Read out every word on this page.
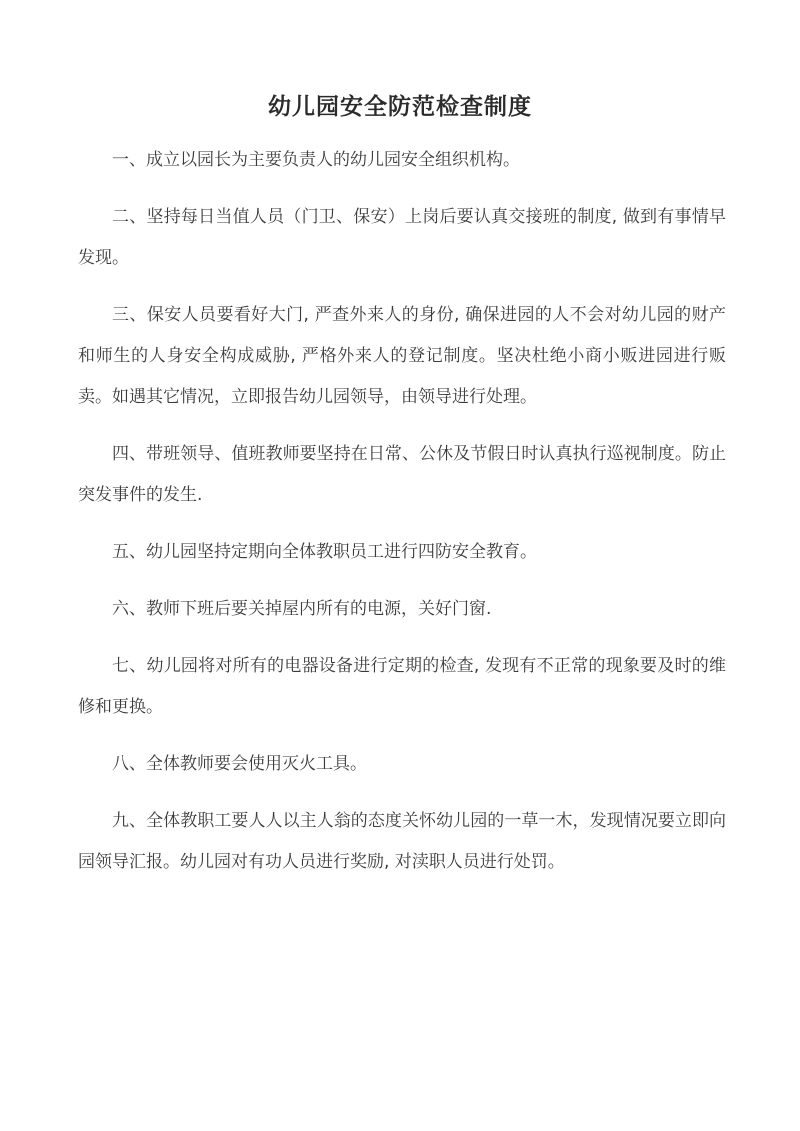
幼儿园安全防范检查制度

一、成立以园长为主要负责人的幼儿园安全组织机构。

二、坚持每日当值人员（门卫、保安）上岗后要认真交接班的制度, 做到有事情早发现。

三、保安人员要看好大门, 严查外来人的身份, 确保进园的人不会对幼儿园的财产和师生的人身安全构成威胁, 严格外来人的登记制度。坚决杜绝小商小贩进园进行贩卖。如遇其它情况，立即报告幼儿园领导，由领导进行处理。

四、带班领导、值班教师要坚持在日常、公休及节假日时认真执行巡视制度。防止突发事件的发生.

五、幼儿园坚持定期向全体教职员工进行四防安全教育。

六、教师下班后要关掉屋内所有的电源，关好门窗.

七、幼儿园将对所有的电器设备进行定期的检查, 发现有不正常的现象要及时的维修和更换。

八、全体教师要会使用灭火工具。

九、全体教职工要人人以主人翁的态度关怀幼儿园的一草一木，发现情况要立即向园领导汇报。幼儿园对有功人员进行奖励, 对渎职人员进行处罚。
